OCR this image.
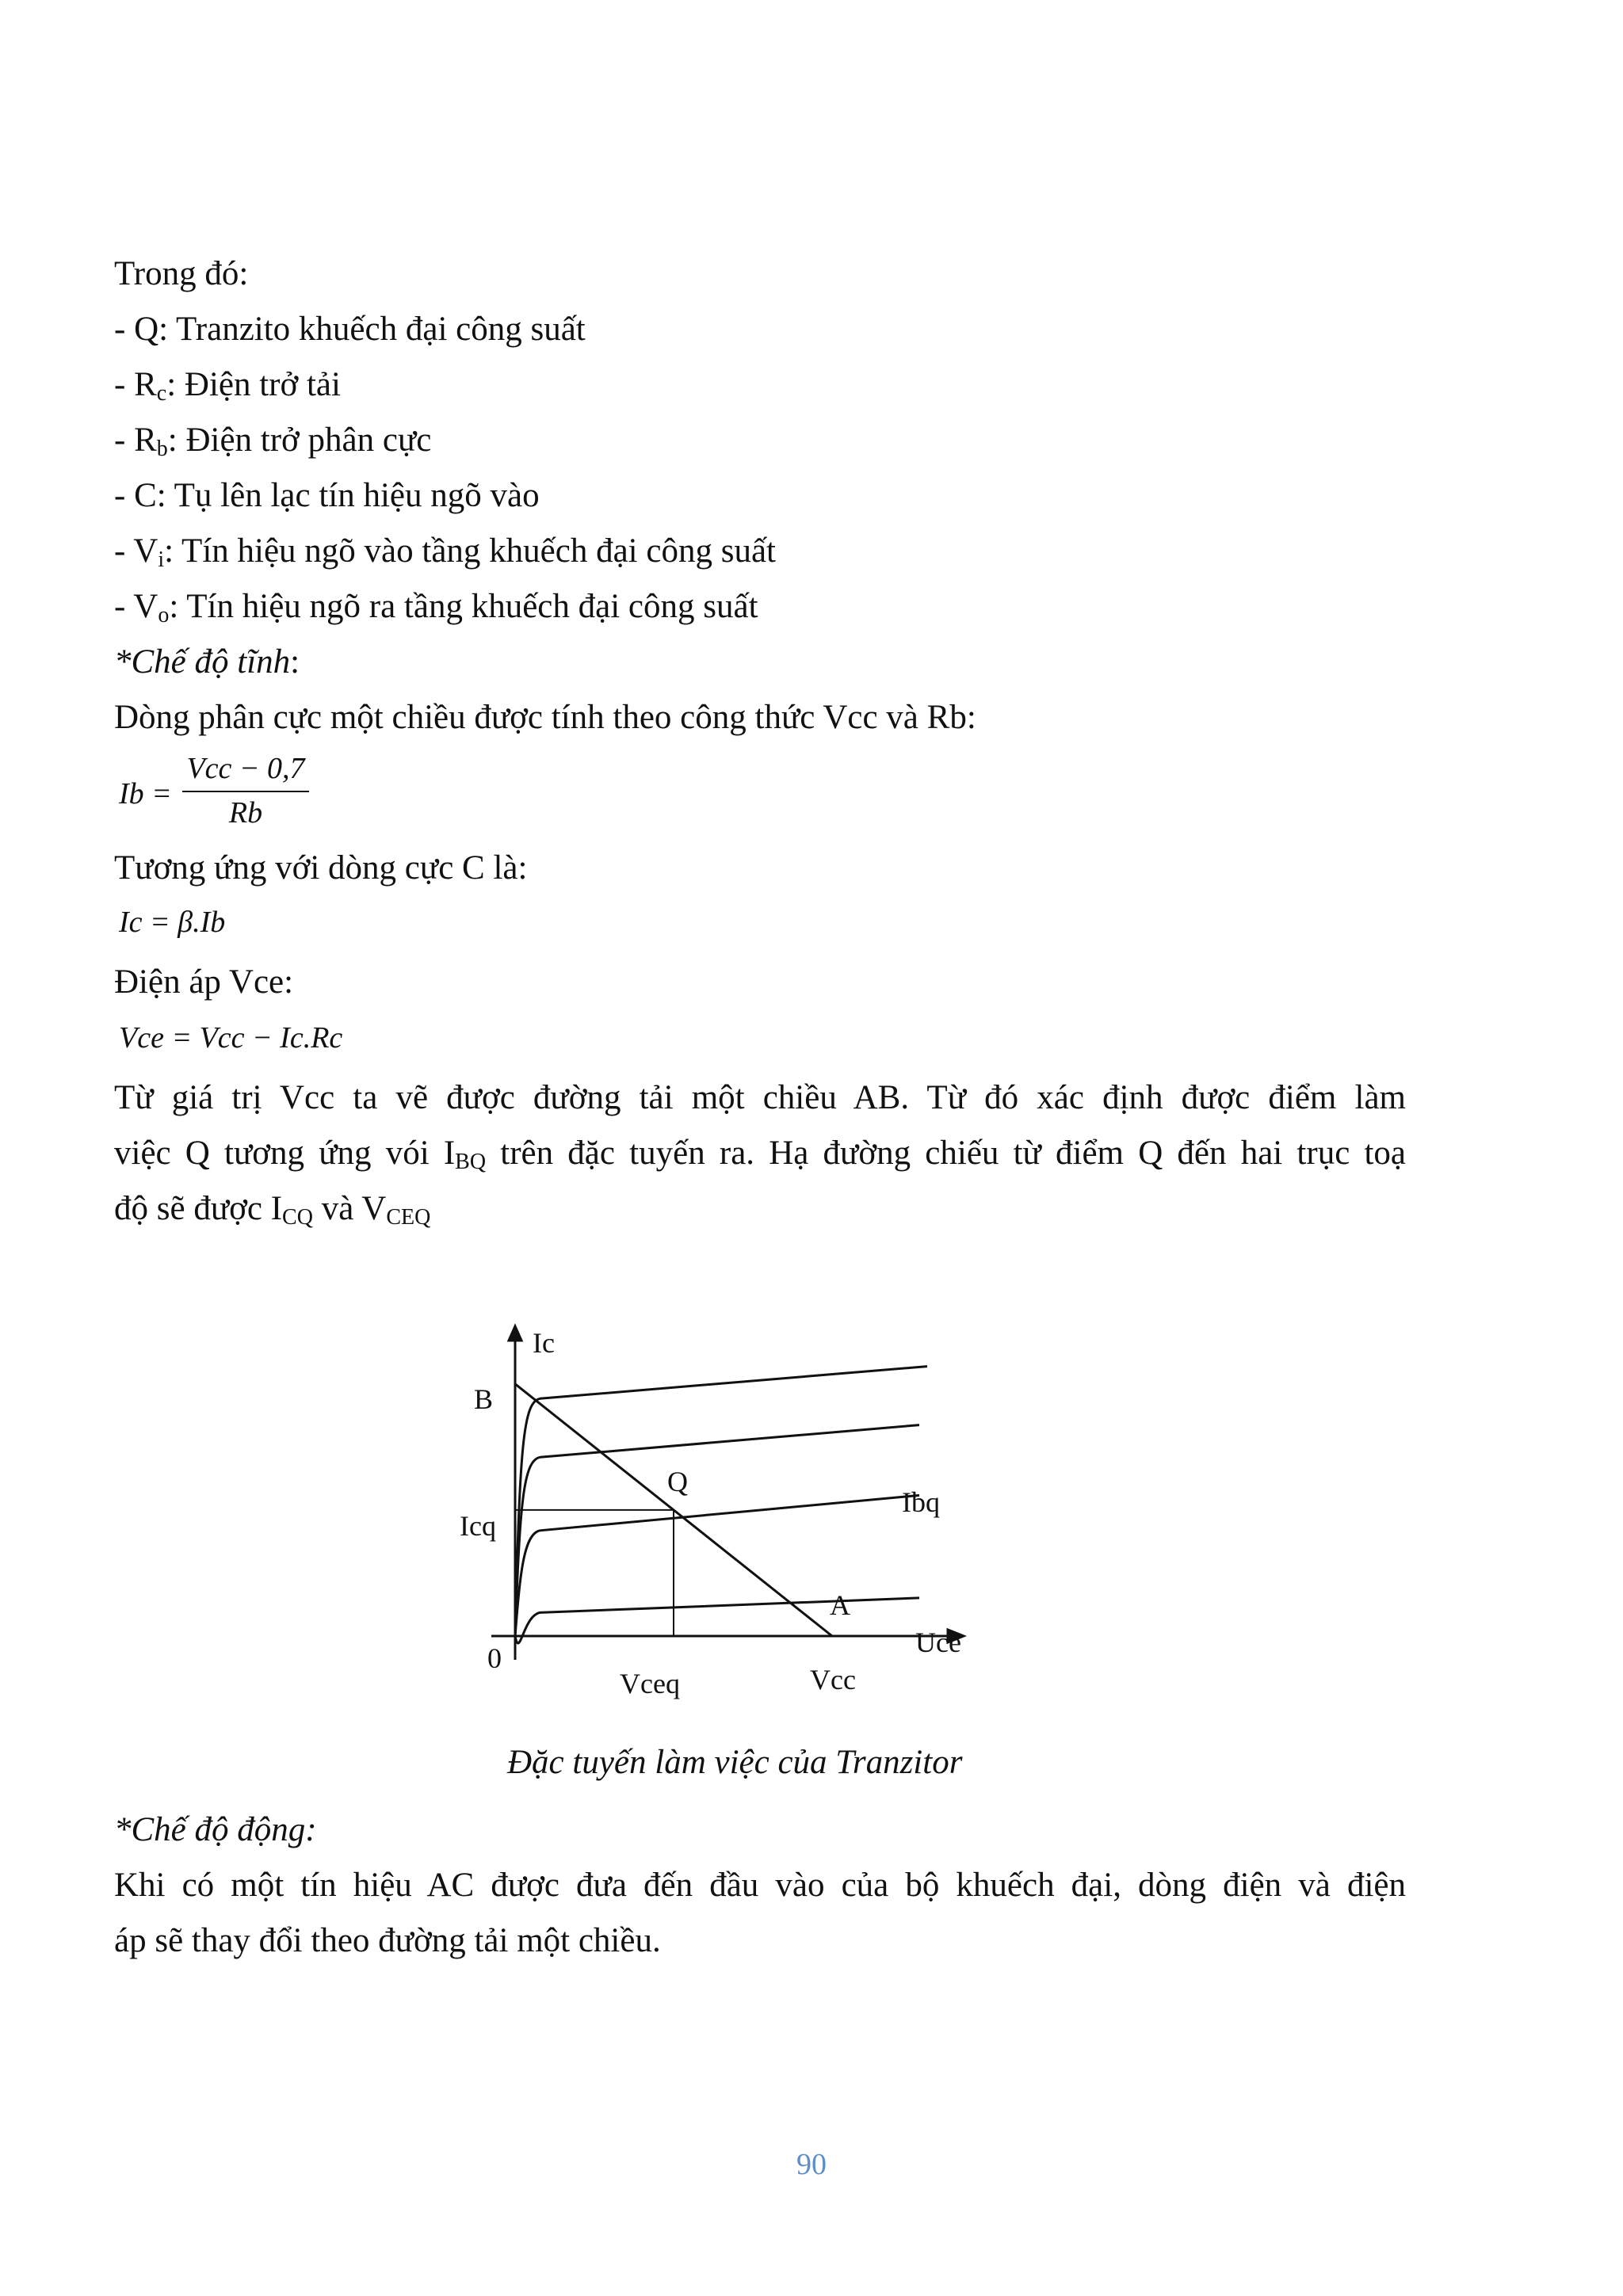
Trong đó:
- Q: Tranzito khuếch đại công suất
- $R_c$: Điện trở tải
- $R_b$: Điện trở phân cực
- C: Tụ lên lạc tín hiệu ngõ vào
- $V_i$: Tín hiệu ngõ vào tầng khuếch đại công suất
- $V_o$: Tín hiệu ngõ ra tầng khuếch đại công suất
*Chế độ tĩnh:
Dòng phân cực một chiều được tính theo công thức Vcc và Rb:
Ib =
Vcc − 0,7
Rb
Tương ứng với dòng cực C là:
Ic = β.Ib
Điện áp Vce:
Vce = Vcc − Ic.Rc
Từ giá trị Vcc ta vẽ được đường tải một chiều AB. Từ đó xác định được điểm làm
việc Q tương ứng vói $I_{BQ}$ trên đặc tuyến ra. Hạ đường chiếu từ điểm Q đến hai trục toạ
độ sẽ được $I_{CQ}$ và $V_{CEQ}$
Ic
B
Q
Ibq
Icq
A
Uce
0
Vceq	Vcc
Đặc tuyến làm việc của Tranzitor
*Chế độ động:
Khi có một tín hiệu AC được đưa đến đầu vào của bộ khuếch đại, dòng điện và điện
áp sẽ thay đổi theo đường tải một chiều.
90
